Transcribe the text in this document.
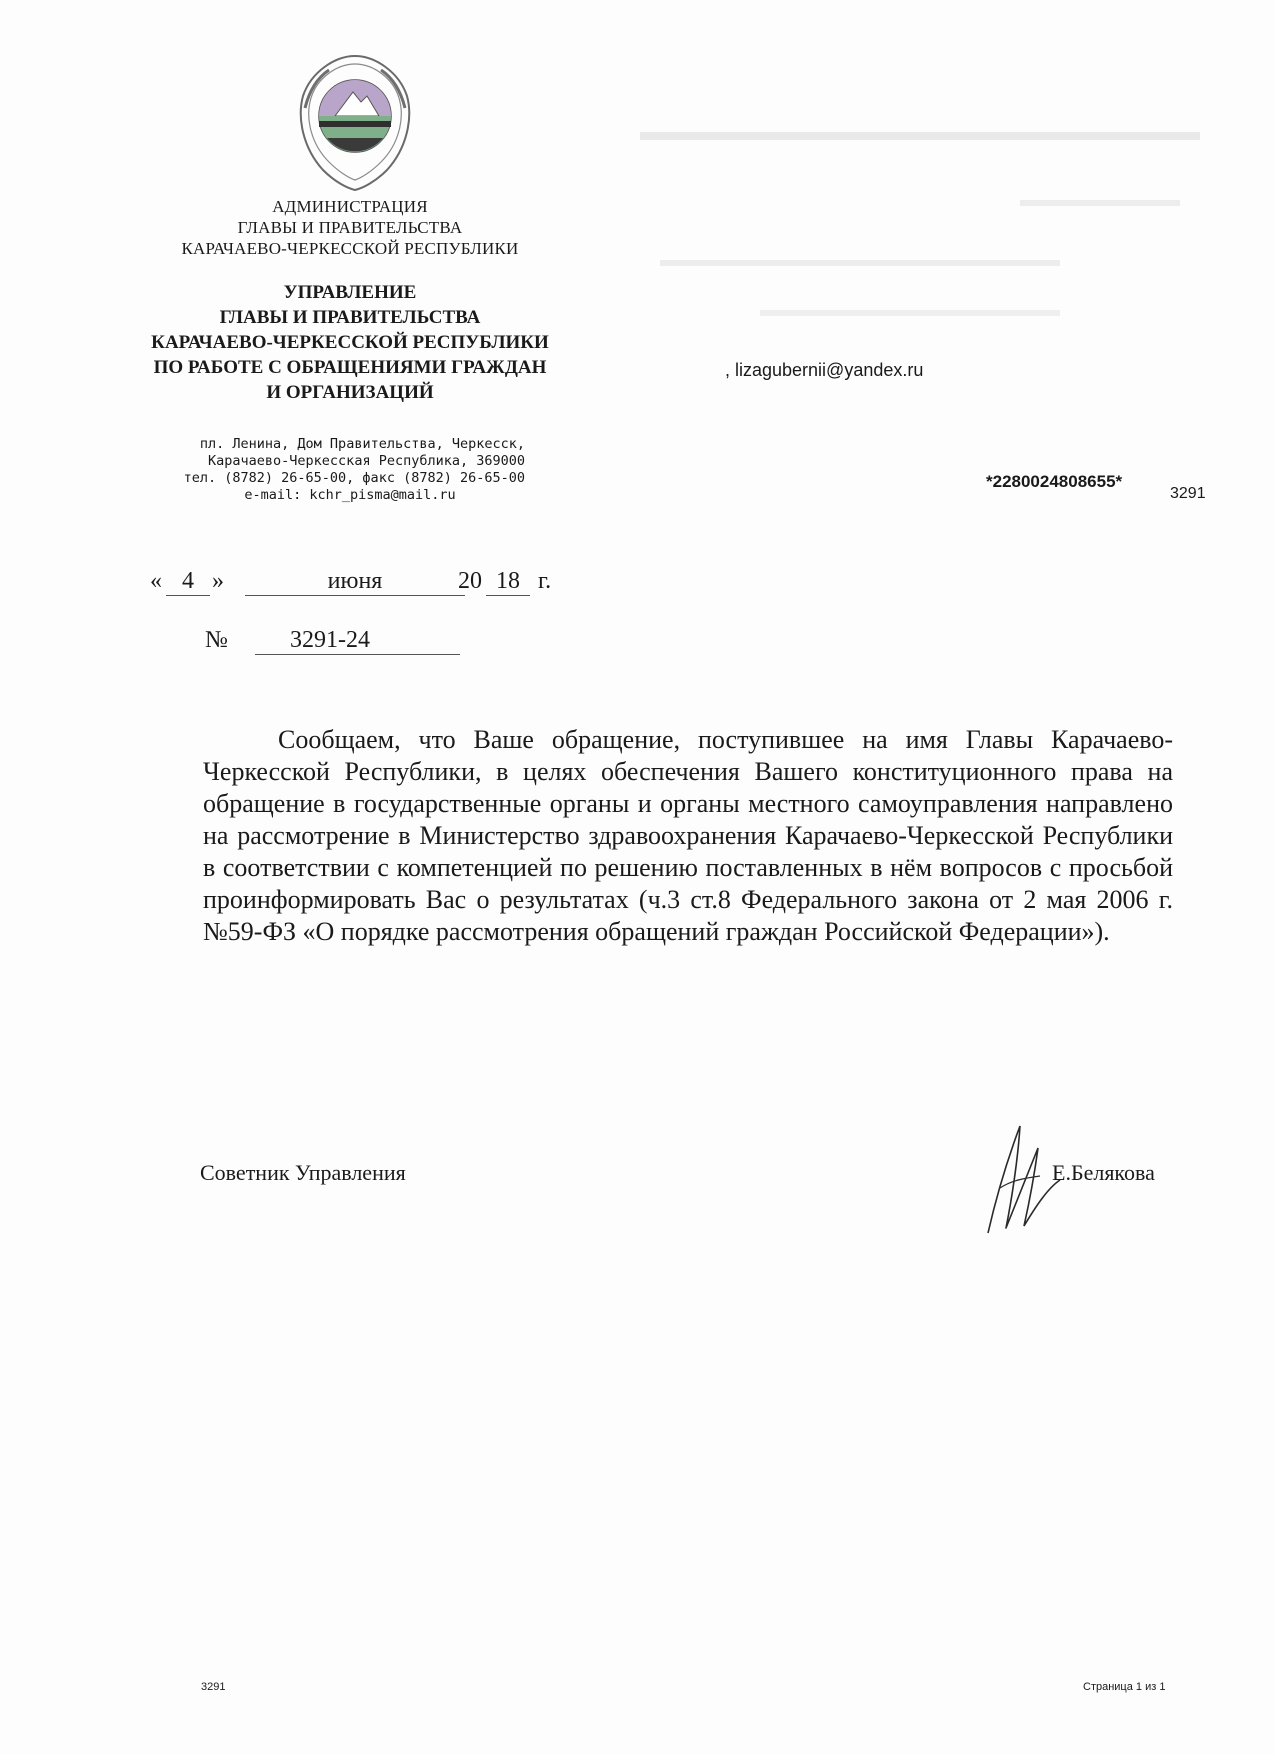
АДМИНИСТРАЦИЯ
ГЛАВЫ И ПРАВИТЕЛЬСТВА
КАРАЧАЕВО-ЧЕРКЕССКОЙ РЕСПУБЛИКИ
УПРАВЛЕНИЕ
ГЛАВЫ И ПРАВИТЕЛЬСТВА
КАРАЧАЕВО-ЧЕРКЕССКОЙ РЕСПУБЛИКИ
ПО РАБОТЕ С ОБРАЩЕНИЯМИ ГРАЖДАН
И ОРГАНИЗАЦИЙ
пл. Ленина, Дом Правительства, Черкесск,
Карачаево-Черкесская Республика, 369000
тел. (8782) 26-65-00, факс (8782) 26-65-00
e-mail: kchr_pisma@mail.ru
, lizagubernii@yandex.ru
*2280024808655*
3291
« 4 »	июня	20 18 г.
№	3291-24
Сообщаем, что Ваше обращение, поступившее на имя Главы Карачаево-Черкесской Республики, в целях обеспечения Вашего конституционного права на обращение в государственные органы и органы местного самоуправления направлено на рассмотрение в Министерство здравоохранения Карачаево-Черкесской Республики в соответствии с компетенцией по решению поставленных в нём вопросов с просьбой проинформировать Вас о результатах (ч.3 ст.8 Федерального закона от 2 мая 2006 г. №59-ФЗ «О порядке рассмотрения обращений граждан Российской Федерации»).
Советник Управления	Е.Белякова
3291	Страница 1 из 1
